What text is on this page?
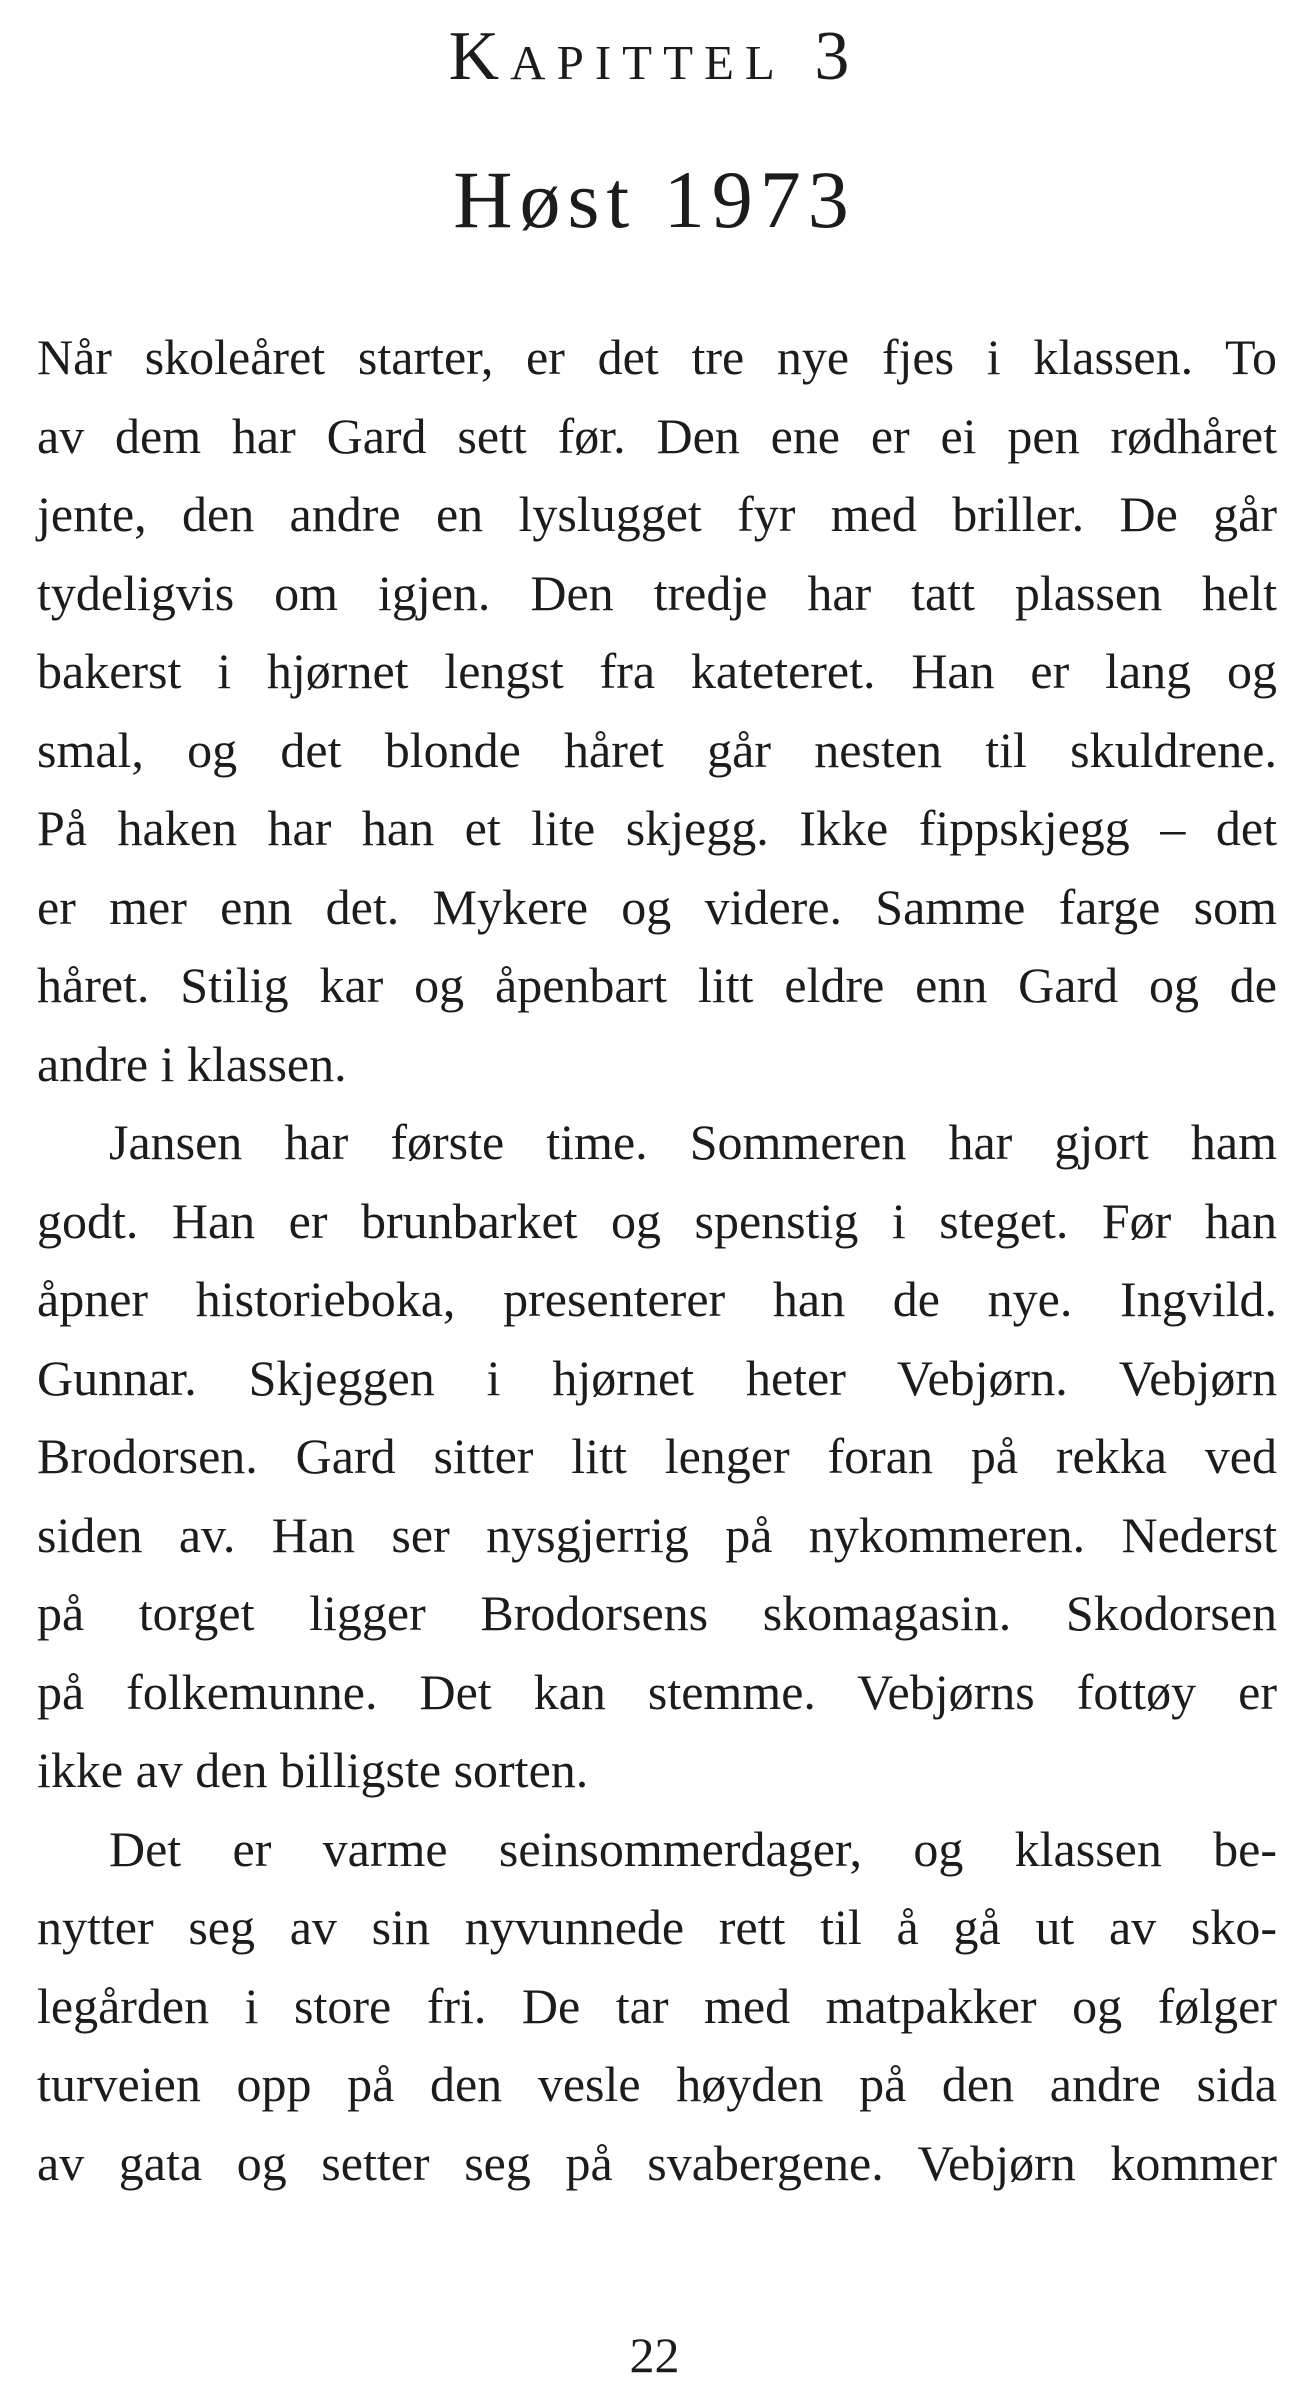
Kapittel 3
Høst 1973
Når skoleåret starter, er det tre nye fjes i klassen. To
av dem har Gard sett før. Den ene er ei pen rødhåret
jente, den andre en lyslugget fyr med briller. De går
tydeligvis om igjen. Den tredje har tatt plassen helt
bakerst i hjørnet lengst fra kateteret. Han er lang og
smal, og det blonde håret går nesten til skuldrene.
På haken har han et lite skjegg. Ikke fippskjegg – det
er mer enn det. Mykere og videre. Samme farge som
håret. Stilig kar og åpenbart litt eldre enn Gard og de
andre i klassen.
Jansen har første time. Sommeren har gjort ham
godt. Han er brunbarket og spenstig i steget. Før han
åpner historieboka, presenterer han de nye. Ingvild.
Gunnar. Skjeggen i hjørnet heter Vebjørn. Vebjørn
Brodorsen. Gard sitter litt lenger foran på rekka ved
siden av. Han ser nysgjerrig på nykommeren. Nederst
på torget ligger Brodorsens skomagasin. Skodorsen
på folkemunne. Det kan stemme. Vebjørns fottøy er
ikke av den billigste sorten.
Det er varme seinsommerdager, og klassen be-
nytter seg av sin nyvunnede rett til å gå ut av sko-
legården i store fri. De tar med matpakker og følger
turveien opp på den vesle høyden på den andre sida
av gata og setter seg på svabergene. Vebjørn kommer
22
